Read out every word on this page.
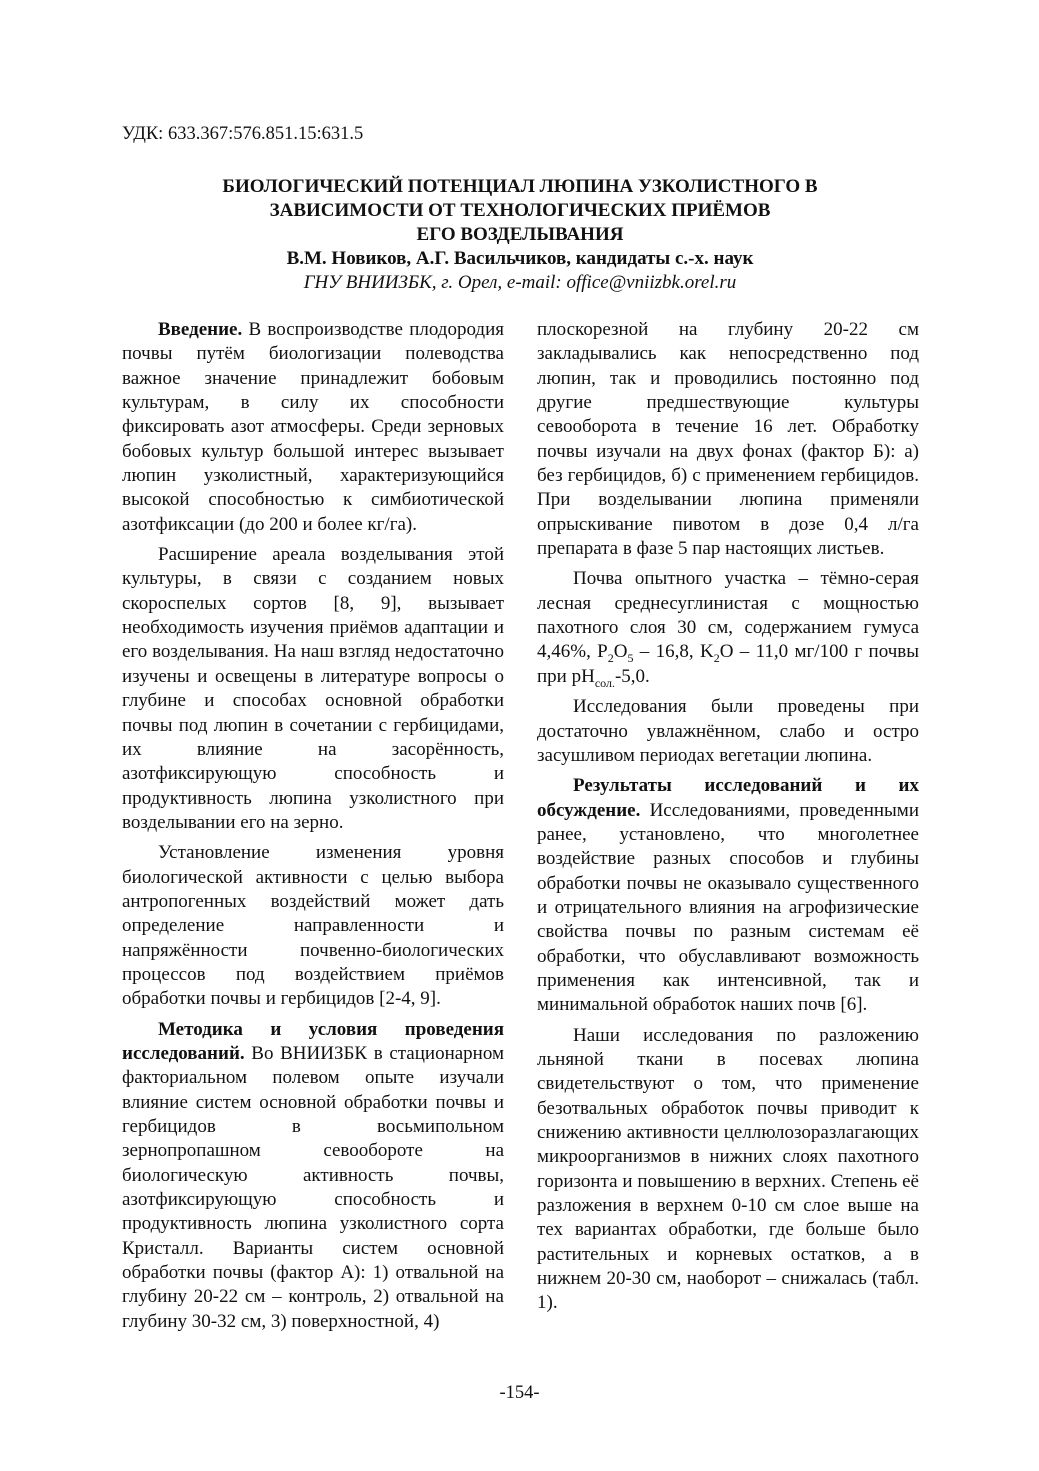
УДК: 633.367:576.851.15:631.5
БИОЛОГИЧЕСКИЙ ПОТЕНЦИАЛ ЛЮПИНА УЗКОЛИСТНОГО В
ЗАВИСИМОСТИ ОТ ТЕХНОЛОГИЧЕСКИХ ПРИЁМОВ
ЕГО ВОЗДЕЛЫВАНИЯ
В.М. Новиков, А.Г. Васильчиков, кандидаты с.-х. наук
ГНУ ВНИИЗБК, г. Орел, e-mail: office@vniizbk.orel.ru

Введение. В воспроизводстве плодородия почвы путём биологизации полеводства важное значение принадлежит бобовым культурам, в силу их способности фиксировать азот атмосферы. Среди зерновых бобовых культур большой интерес вызывает люпин узколистный, характеризующийся высокой способностью к симбиотической азотфиксации (до 200 и более кг/га).

Расширение ареала возделывания этой культуры, в связи с созданием новых скороспелых сортов [8, 9], вызывает необходимость изучения приёмов адаптации и его возделывания. На наш взгляд недостаточно изучены и освещены в литературе вопросы о глубине и способах основной обработки почвы под люпин в сочетании с гербицидами, их влияние на засорённость, азотфиксирующую способность и продуктивность люпина узколистного при возделывании его на зерно.

Установление изменения уровня биологической активности с целью выбора антропогенных воздействий может дать определение направленности и напряжённости почвенно-биологических процессов под воздействием приёмов обработки почвы и гербицидов [2-4, 9].

Методика и условия проведения исследований. Во ВНИИЗБК в стационарном факториальном полевом опыте изучали влияние систем основной обработки почвы и гербицидов в восьмипольном зернопропашном севообороте на биологическую активность почвы, азотфиксирующую способность и продуктивность люпина узколистного сорта Кристалл. Варианты систем основной обработки почвы (фактор А): 1) отвальной на глубину 20-22 см – контроль, 2) отвальной на глубину 30-32 см, 3) поверхностной, 4)

плоскорезной на глубину 20-22 см закладывались как непосредственно под люпин, так и проводились постоянно под другие предшествующие культуры севооборота в течение 16 лет. Обработку почвы изучали на двух фонах (фактор Б): а) без гербицидов, б) с применением гербицидов. При возделывании люпина применяли опрыскивание пивотом в дозе 0,4 л/га препарата в фазе 5 пар настоящих листьев.

Почва опытного участка – тёмно-серая лесная среднесуглинистая с мощностью пахотного слоя 30 см, содержанием гумуса 4,46%, $P_2O_5 - 16,8$, $K_2O - 11,0$ мг/100 г почвы при $pH_{сол.}-5,0$.

Исследования были проведены при достаточно увлажнённом, слабо и остро засушливом периодах вегетации люпина.

Результаты исследований и их обсуждение. Исследованиями, проведенными ранее, установлено, что многолетнее воздействие разных способов и глубины обработки почвы не оказывало существенного и отрицательного влияния на агрофизические свойства почвы по разным системам её обработки, что обуславливают возможность применения как интенсивной, так и минимальной обработок наших почв [6].

Наши исследования по разложению льняной ткани в посевах люпина свидетельствуют о том, что применение безотвальных обработок почвы приводит к снижению активности целлюлозоразлагающих микроорганизмов в нижних слоях пахотного горизонта и повышению в верхних. Степень её разложения в верхнем 0-10 см слое выше на тех вариантах обработки, где больше было растительных и корневых остатков, а в нижнем 20-30 см, наоборот – снижалась (табл. 1).

-154-
